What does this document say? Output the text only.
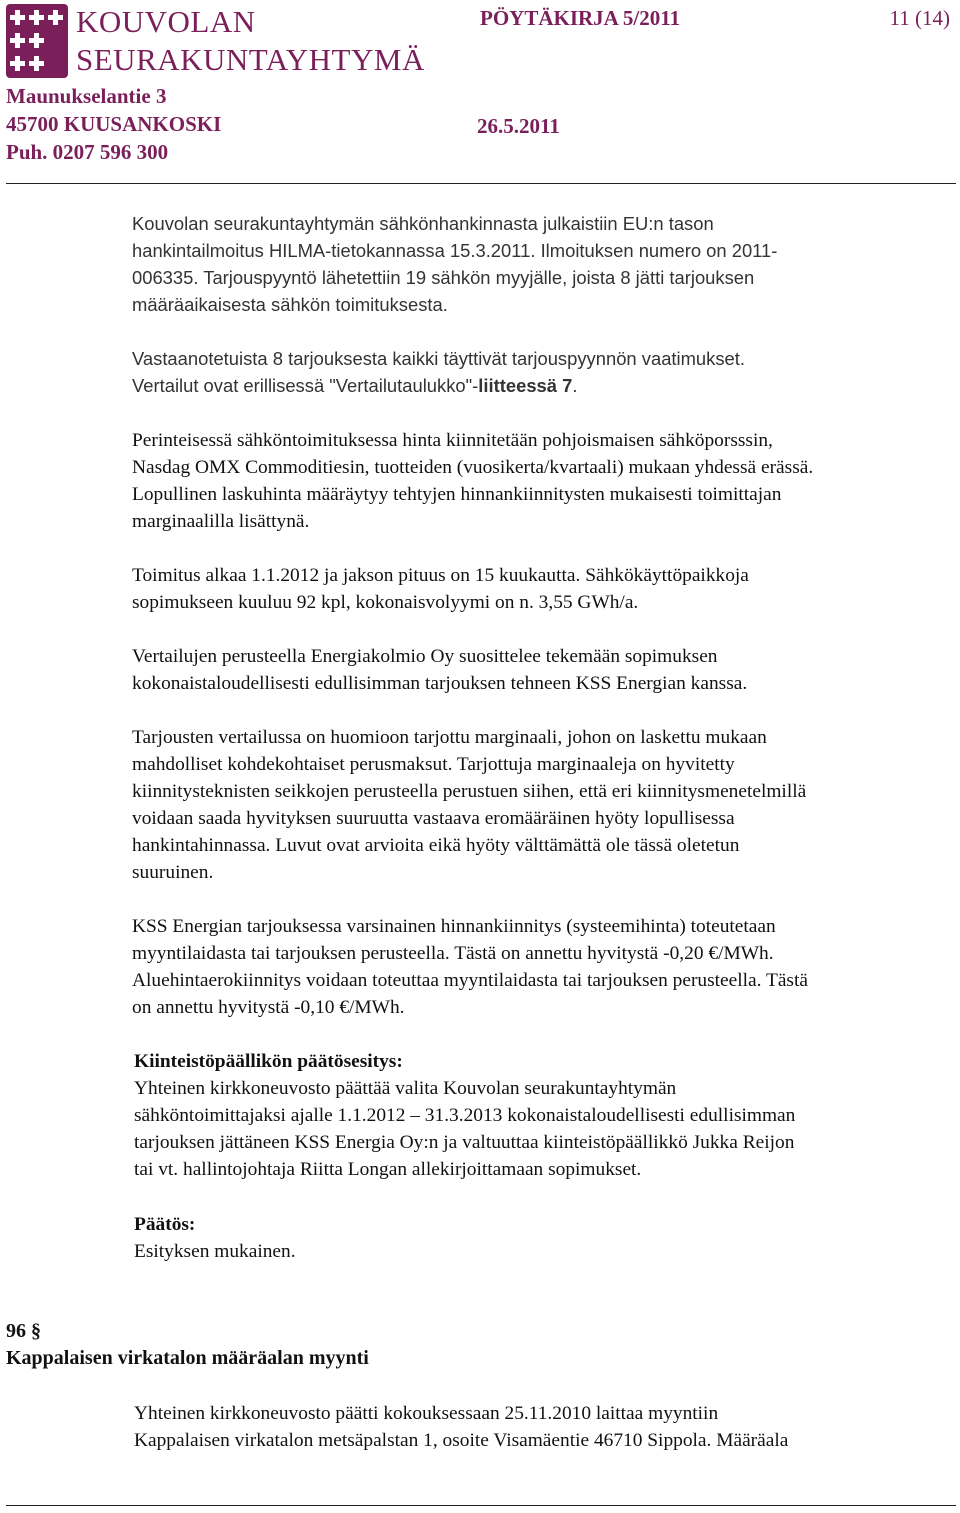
KOUVOLAN
SEURAKUNTAYHTYMÄ
Maunukselantie 3
45700 KUUSANKOSKI
Puh. 0207 596 300
PÖYTÄKIRJA 5/2011	11 (14)
26.5.2011
Kouvolan seurakuntayhtymän sähkönhankinnasta julkaistiin EU:n tason
hankintailmoitus HILMA-tietokannassa 15.3.2011. Ilmoituksen numero on 2011-
006335. Tarjouspyyntö lähetettiin 19 sähkön myyjälle, joista 8 jätti tarjouksen
määräaikaisesta sähkön toimituksesta.
Vastaanotetuista 8 tarjouksesta kaikki täyttivät tarjouspyynnön vaatimukset.
Vertailut ovat erillisessä "Vertailutaulukko"-liitteessä 7.
Perinteisessä sähköntoimituksessa hinta kiinnitetään pohjoismaisen sähköporsssin,
Nasdag OMX Commoditiesin, tuotteiden (vuosikerta/kvartaali) mukaan yhdessä erässä.
Lopullinen laskuhinta määräytyy tehtyjen hinnankiinnitysten mukaisesti toimittajan
marginaalilla lisättynä.
Toimitus alkaa 1.1.2012 ja jakson pituus on 15 kuukautta. Sähkökäyttöpaikkoja
sopimukseen kuuluu 92 kpl, kokonaisvolyymi on n. 3,55 GWh/a.
Vertailujen perusteella Energiakolmio Oy suosittelee tekemään sopimuksen
kokonaistaloudellisesti edullisimman tarjouksen tehneen KSS Energian kanssa.
Tarjousten vertailussa on huomioon tarjottu marginaali, johon on laskettu mukaan
mahdolliset kohdekohtaiset perusmaksut. Tarjottuja marginaaleja on hyvitetty
kiinnitysteknisten seikkojen perusteella perustuen siihen, että eri kiinnitysmenetelmillä
voidaan saada hyvityksen suuruutta vastaava eromääräinen hyöty lopullisessa
hankintahinnassa. Luvut ovat arvioita eikä hyöty välttämättä ole tässä oletetun
suuruinen.
KSS Energian tarjouksessa varsinainen hinnankiinnitys (systeemihinta) toteutetaan
myyntilaidasta tai tarjouksen perusteella. Tästä on annettu hyvitystä -0,20 €/MWh.
Aluehintaerokiinnitys voidaan toteuttaa myyntilaidasta tai tarjouksen perusteella. Tästä
on annettu hyvitystä -0,10 €/MWh.
Kiinteistöpäällikön päätösesitys:
Yhteinen kirkkoneuvosto päättää valita Kouvolan seurakuntayhtymän
sähköntoimittajaksi ajalle 1.1.2012 – 31.3.2013 kokonaistaloudellisesti edullisimman
tarjouksen jättäneen KSS Energia Oy:n ja valtuuttaa kiinteistöpäällikkö Jukka Reijon
tai vt. hallintojohtaja Riitta Longan allekirjoittamaan sopimukset.
Päätös:
Esityksen mukainen.
96 §
Kappalaisen virkatalon määräalan myynti
Yhteinen kirkkoneuvosto päätti kokouksessaan 25.11.2010 laittaa myyntiin
Kappalaisen virkatalon metsäpalstan 1, osoite Visamäentie 46710 Sippola. Määräala
